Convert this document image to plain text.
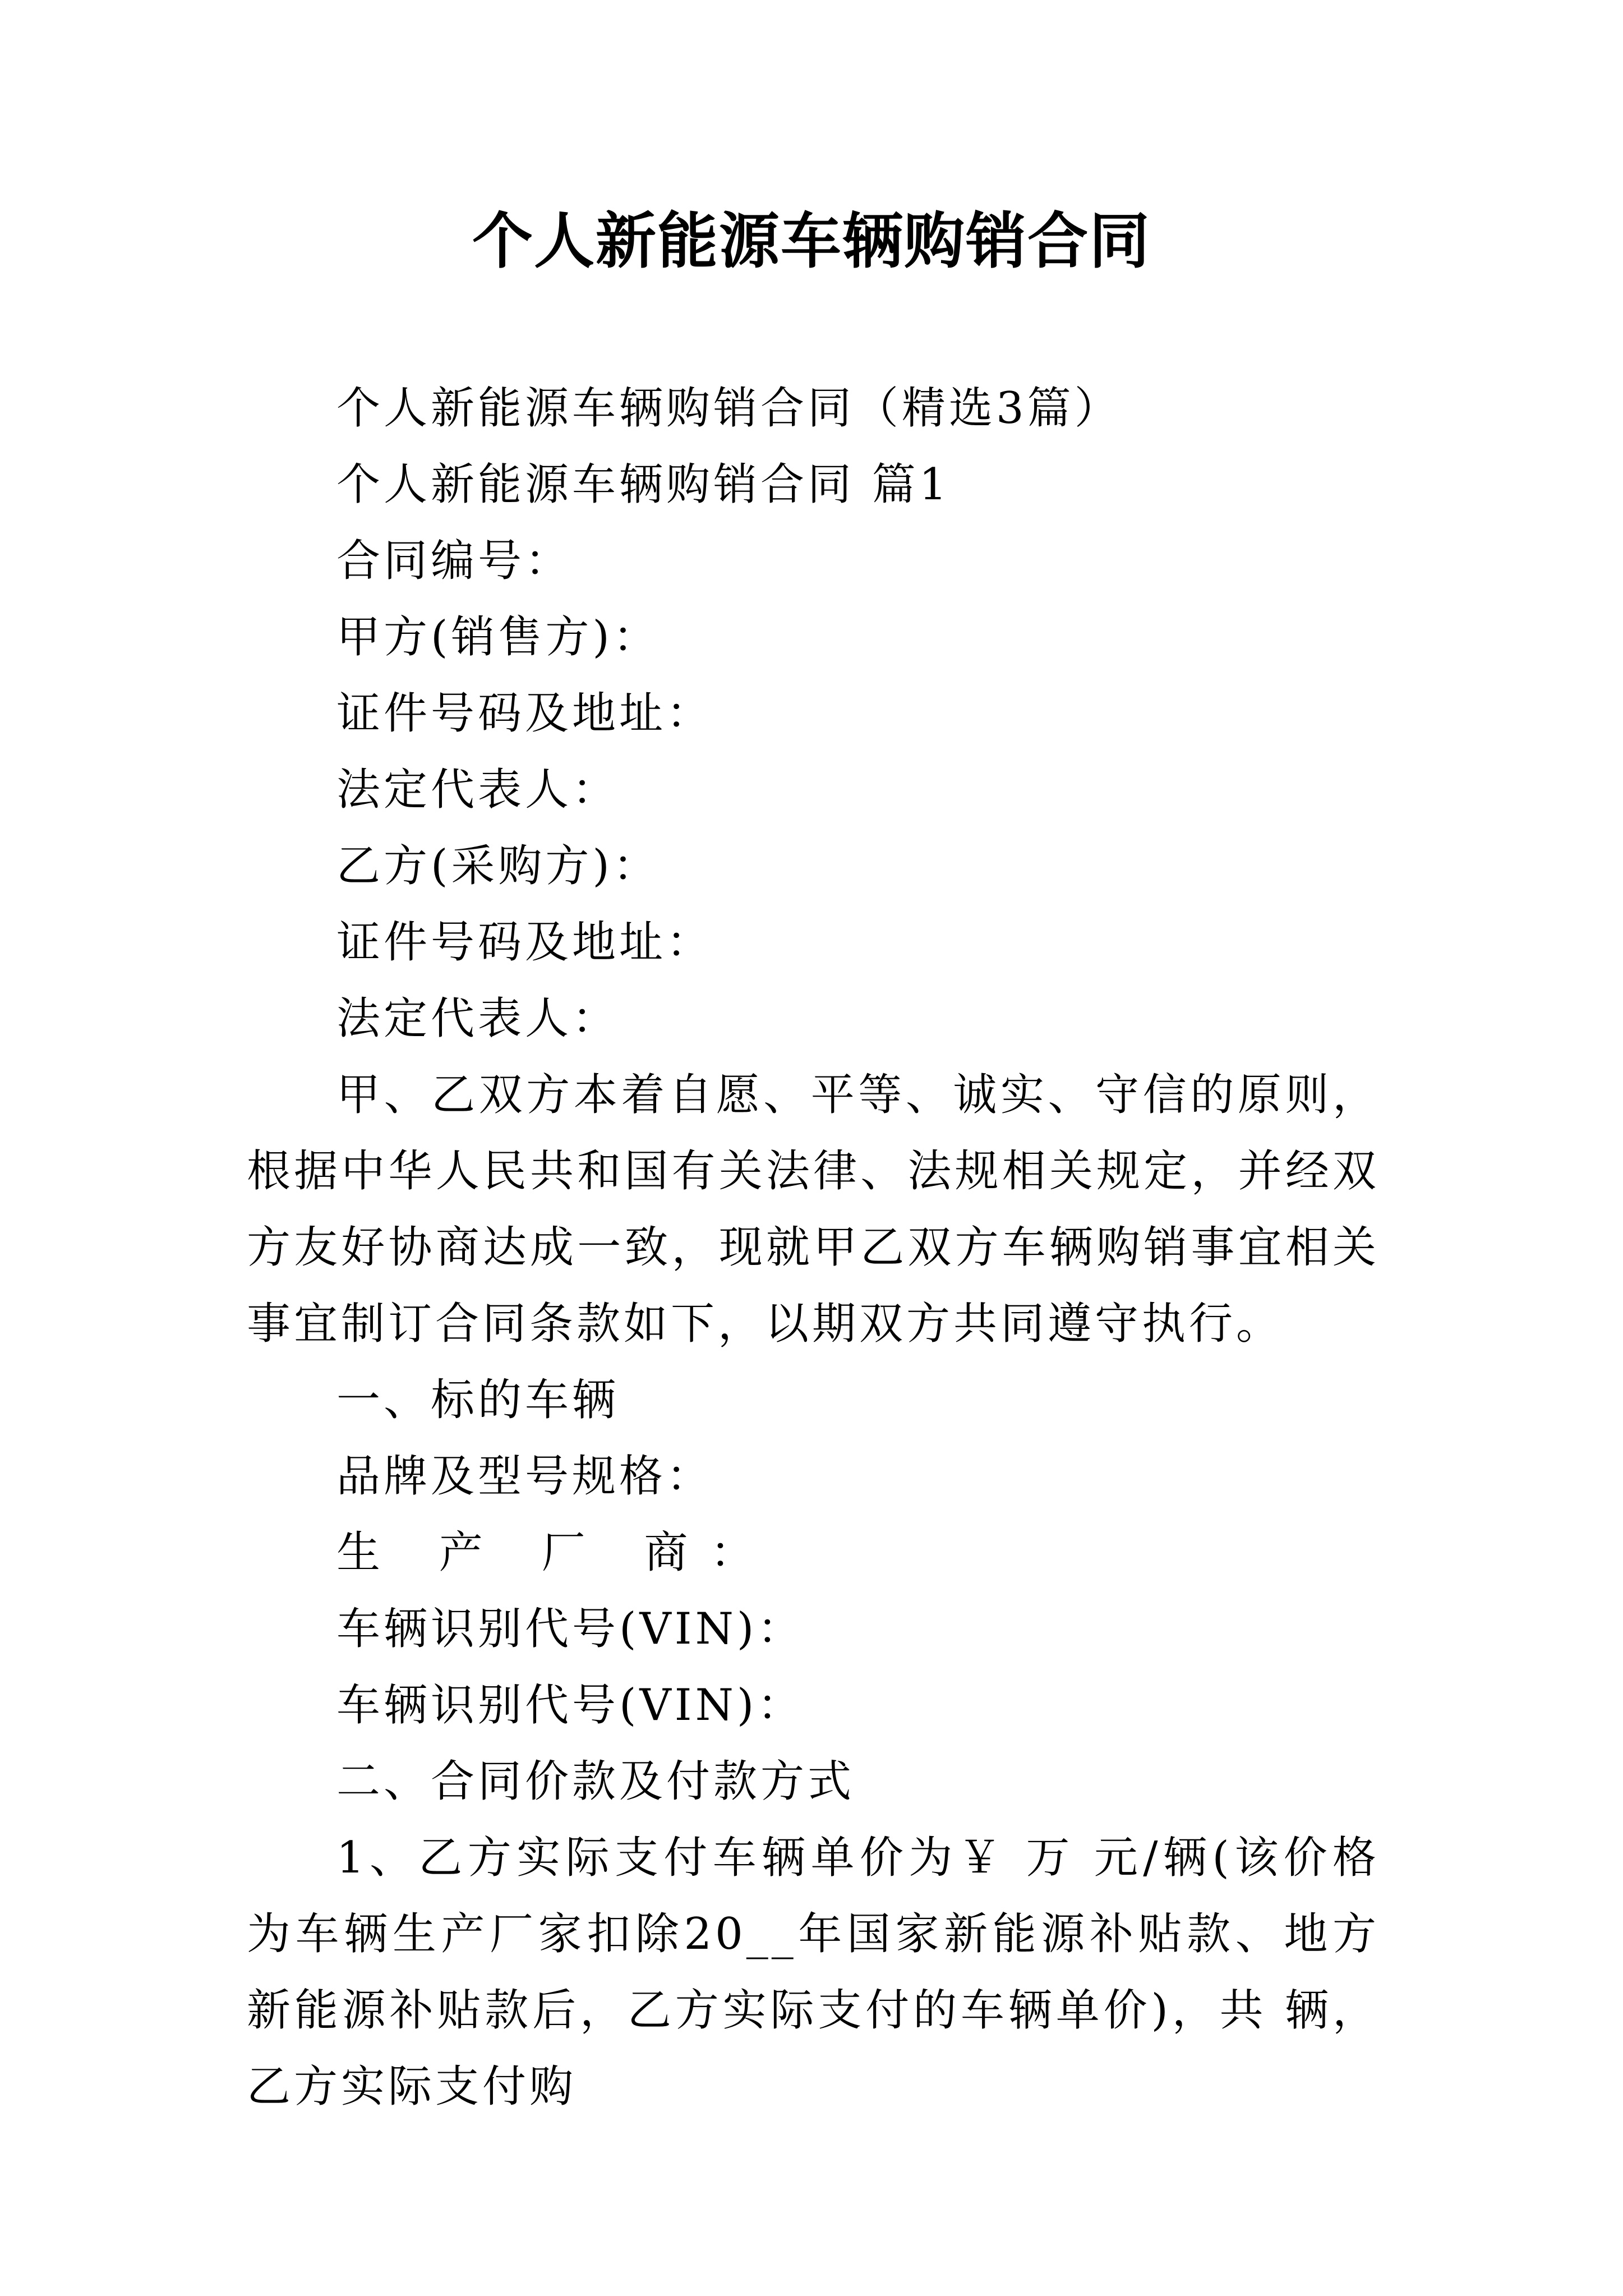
个人新能源车辆购销合同
个人新能源车辆购销合同（精选3篇）
个人新能源车辆购销合同 篇1
合同编号：
甲方(销售方)：
证件号码及地址：
法定代表人：
乙方(采购方)：
证件号码及地址：
法定代表人：
甲、乙双方本着自愿、平等、诚实、守信的原则，根据中华人民共和国有关法律、法规相关规定，并经双方友好协商达成一致，现就甲乙双方车辆购销事宜相关事宜制订合同条款如下，以期双方共同遵守执行。
一、标的车辆
品牌及型号规格：
生 产 厂 商：
车辆识别代号(VIN)：
车辆识别代号(VIN)：
二、合同价款及付款方式
1、乙方实际支付车辆单价为￥ 万 元/辆(该价格为车辆生产厂家扣除20__年国家新能源补贴款、地方新能源补贴款后，乙方实际支付的车辆单价)，共 辆，乙方实际支付购
